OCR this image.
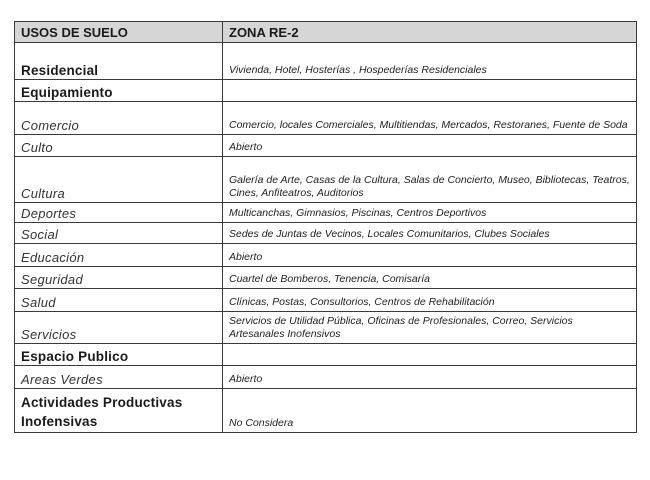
USOS DE SUELO	ZONA RE-2
Residencial	Vivienda, Hotel, Hosterías , Hospederías Residenciales
Equipamiento	
Comercio	Comercio, locales Comerciales, Multitiendas, Mercados, Restoranes, Fuente de Soda
Culto	Abierto
Cultura	Galería de Arte, Casas de la Cultura, Salas de Concierto, Museo, Bibliotecas, Teatros, Cines, Anfiteatros, Auditorios
Deportes	Multicanchas, Gimnasios, Piscinas, Centros Deportivos
Social	Sedes de Juntas de Vecinos, Locales Comunitarios, Clubes Sociales
Educación	Abierto
Seguridad	Cuartel de Bomberos, Tenencia, Comisaría
Salud	Clínicas, Postas, Consultorios, Centros de Rehabilitación
Servicios	Servicios de Utilidad Pública, Oficinas de Profesionales, Correo, Servicios Artesanales Inofensivos
Espacio Publico	
Areas Verdes	Abierto
Actividades Productivas Inofensivas	No Considera
